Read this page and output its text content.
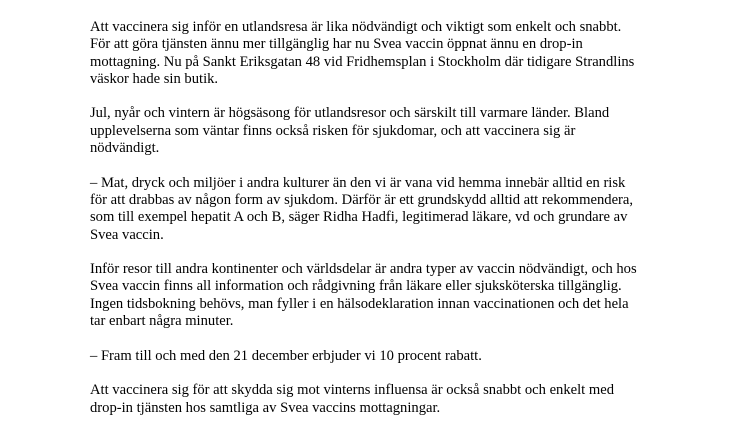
Att vaccinera sig inför en utlandsresa är lika nödvändigt och viktigt som enkelt och snabbt.
För att göra tjänsten ännu mer tillgänglig har nu Svea vaccin öppnat ännu en drop-in
mottagning. Nu på Sankt Eriksgatan 48 vid Fridhemsplan i Stockholm där tidigare Strandlins
väskor hade sin butik.

Jul, nyår och vintern är högsäsong för utlandsresor och särskilt till varmare länder. Bland
upplevelserna som väntar finns också risken för sjukdomar, och att vaccinera sig är
nödvändigt.

– Mat, dryck och miljöer i andra kulturer än den vi är vana vid hemma innebär alltid en risk
för att drabbas av någon form av sjukdom. Därför är ett grundskydd alltid att rekommendera,
som till exempel hepatit A och B, säger Ridha Hadfi, legitimerad läkare, vd och grundare av
Svea vaccin.

Inför resor till andra kontinenter och världsdelar är andra typer av vaccin nödvändigt, och hos
Svea vaccin finns all information och rådgivning från läkare eller sjuksköterska tillgänglig.
Ingen tidsbokning behövs, man fyller i en hälsodeklaration innan vaccinationen och det hela
tar enbart några minuter.

– Fram till och med den 21 december erbjuder vi 10 procent rabatt.

Att vaccinera sig för att skydda sig mot vinterns influensa är också snabbt och enkelt med
drop-in tjänsten hos samtliga av Svea vaccins mottagningar.
